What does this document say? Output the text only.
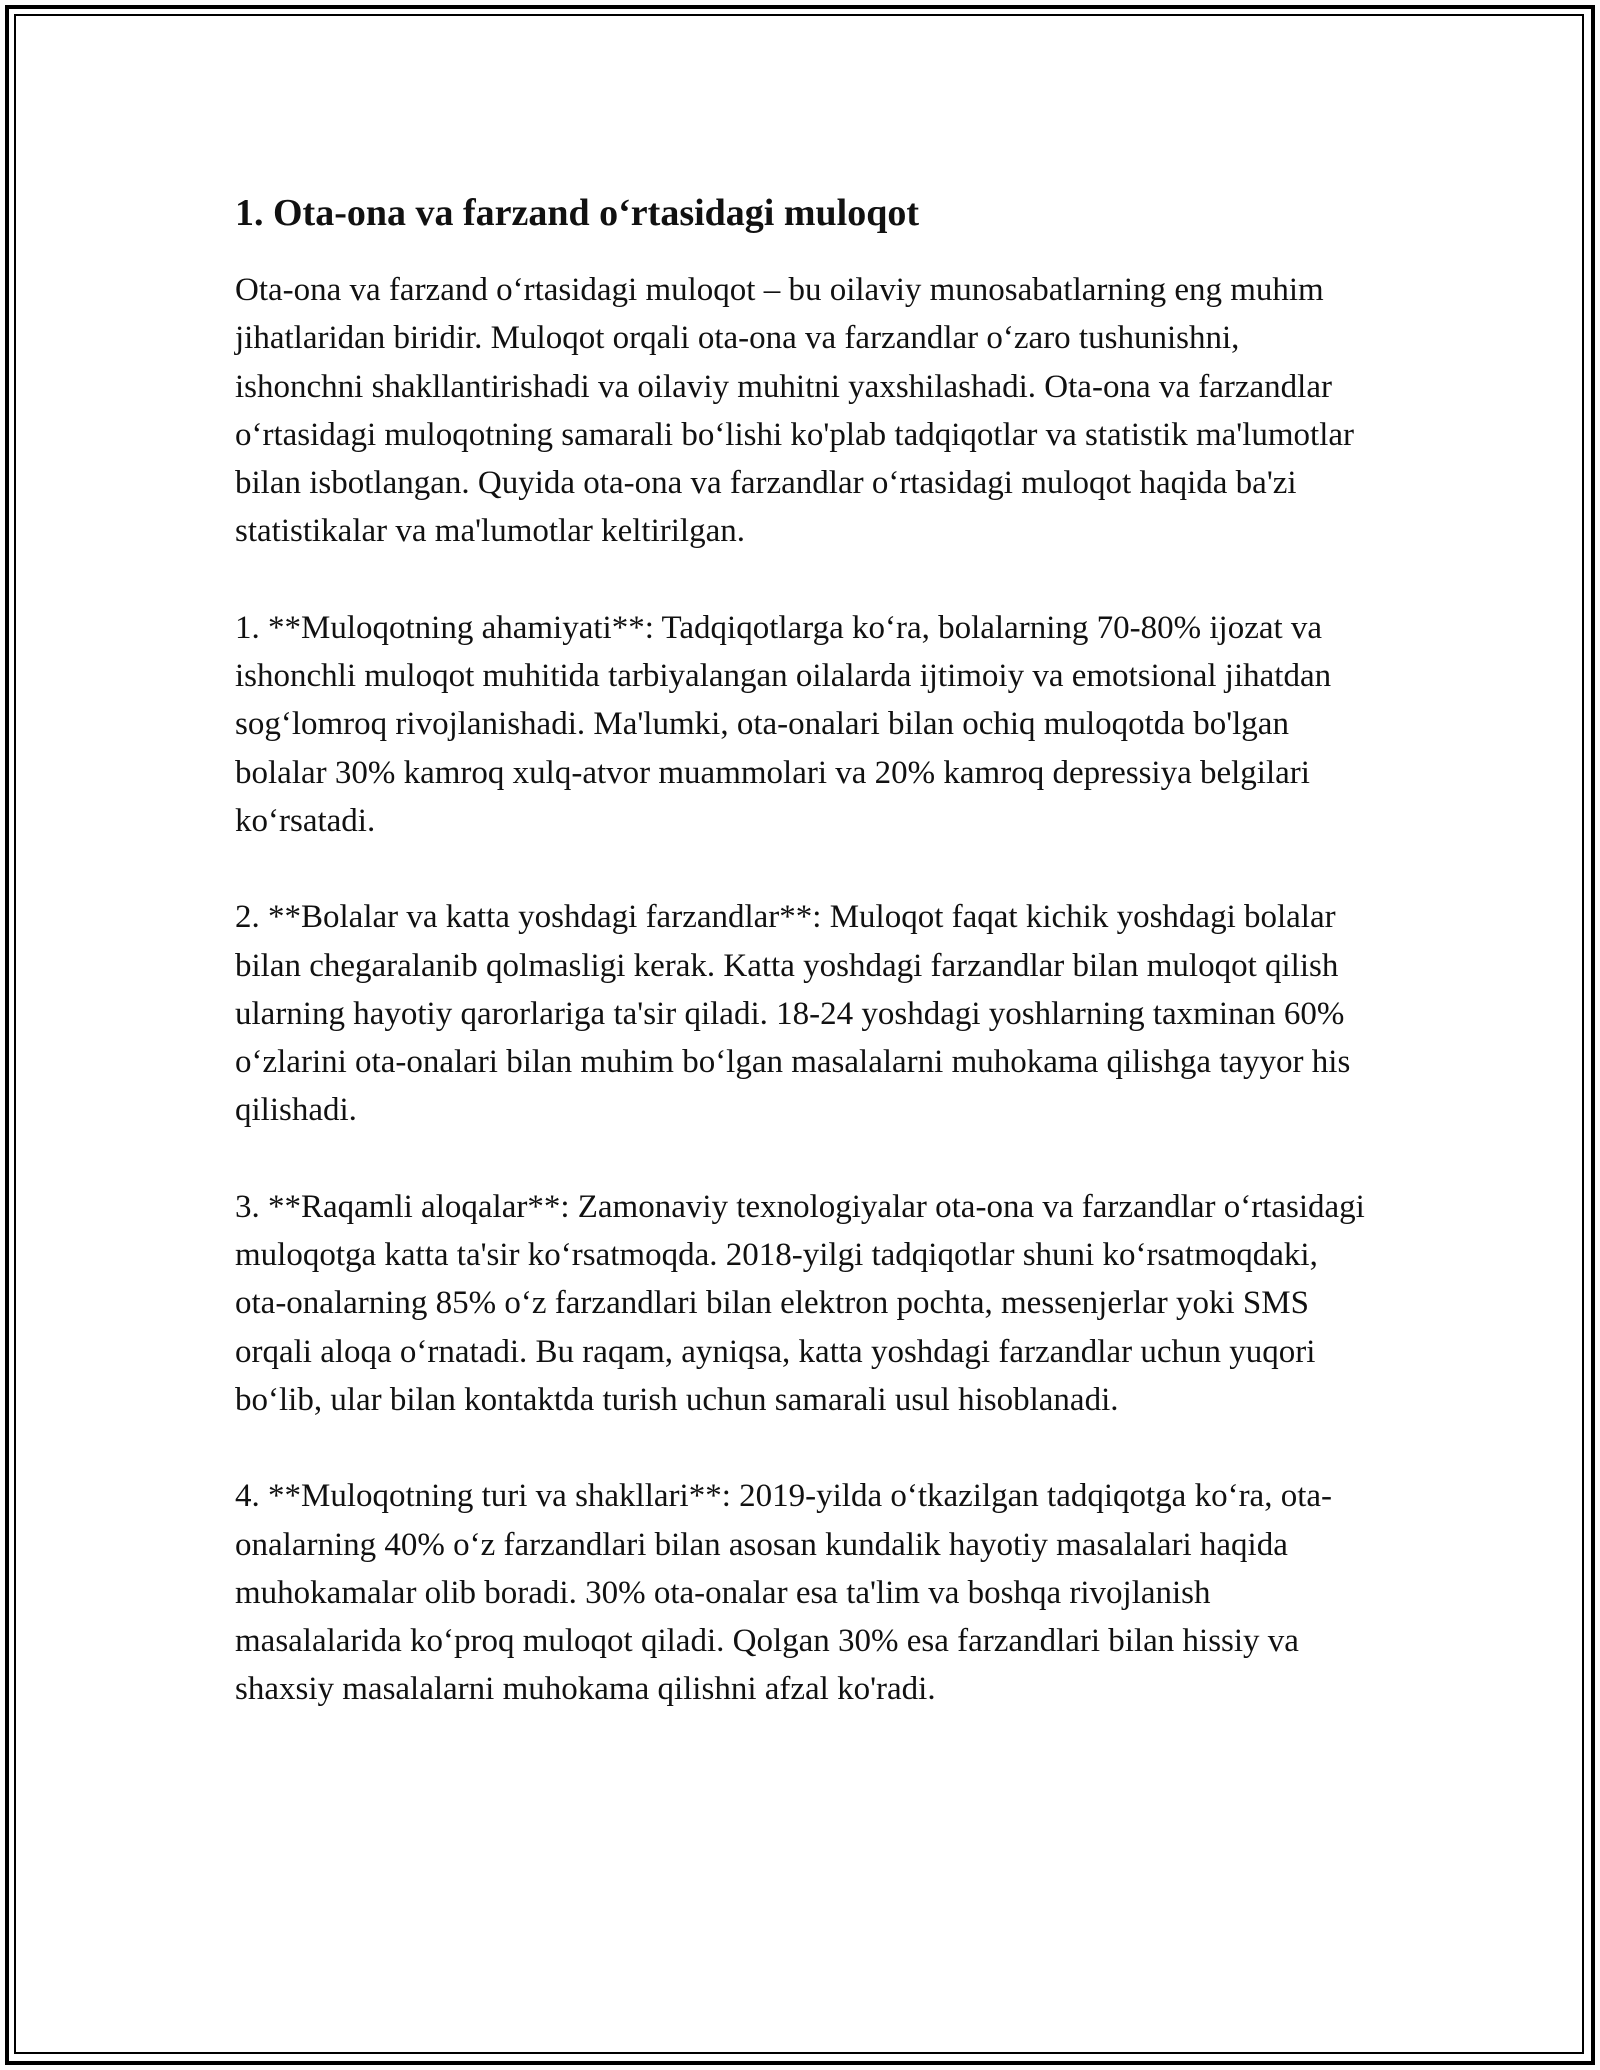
1. Ota-ona va farzand o‘rtasidagi muloqot

Ota-ona va farzand o‘rtasidagi muloqot – bu oilaviy munosabatlarning eng muhim jihatlaridan biridir. Muloqot orqali ota-ona va farzandlar o‘zaro tushunishni, ishonchni shakllantirishadi va oilaviy muhitni yaxshilashadi. Ota-ona va farzandlar o‘rtasidagi muloqotning samarali bo‘lishi ko'plab tadqiqotlar va statistik ma'lumotlar bilan isbotlangan. Quyida ota-ona va farzandlar o‘rtasidagi muloqot haqida ba'zi statistikalar va ma'lumotlar keltirilgan.

1. **Muloqotning ahamiyati**: Tadqiqotlarga ko‘ra, bolalarning 70-80% ijozat va ishonchli muloqot muhitida tarbiyalangan oilalarda ijtimoiy va emotsional jihatdan sog‘lomroq rivojlanishadi. Ma'lumki, ota-onalari bilan ochiq muloqotda bo'lgan bolalar 30% kamroq xulq-atvor muammolari va 20% kamroq depressiya belgilari ko‘rsatadi.

2. **Bolalar va katta yoshdagi farzandlar**: Muloqot faqat kichik yoshdagi bolalar bilan chegaralanib qolmasligi kerak. Katta yoshdagi farzandlar bilan muloqot qilish ularning hayotiy qarorlariga ta'sir qiladi. 18-24 yoshdagi yoshlarning taxminan 60% o‘zlarini ota-onalari bilan muhim bo‘lgan masalalarni muhokama qilishga tayyor his qilishadi.

3. **Raqamli aloqalar**: Zamonaviy texnologiyalar ota-ona va farzandlar o‘rtasidagi muloqotga katta ta'sir ko‘rsatmoqda. 2018-yilgi tadqiqotlar shuni ko‘rsatmoqdaki, ota-onalarning 85% o‘z farzandlari bilan elektron pochta, messenjerlar yoki SMS orqali aloqa o‘rnatadi. Bu raqam, ayniqsa, katta yoshdagi farzandlar uchun yuqori bo‘lib, ular bilan kontaktda turish uchun samarali usul hisoblanadi.

4. **Muloqotning turi va shakllari**: 2019-yilda o‘tkazilgan tadqiqotga ko‘ra, ota-onalarning 40% o‘z farzandlari bilan asosan kundalik hayotiy masalalari haqida muhokamalar olib boradi. 30% ota-onalar esa ta'lim va boshqa rivojlanish masalalarida ko‘proq muloqot qiladi. Qolgan 30% esa farzandlari bilan hissiy va shaxsiy masalalarni muhokama qilishni afzal ko'radi.
